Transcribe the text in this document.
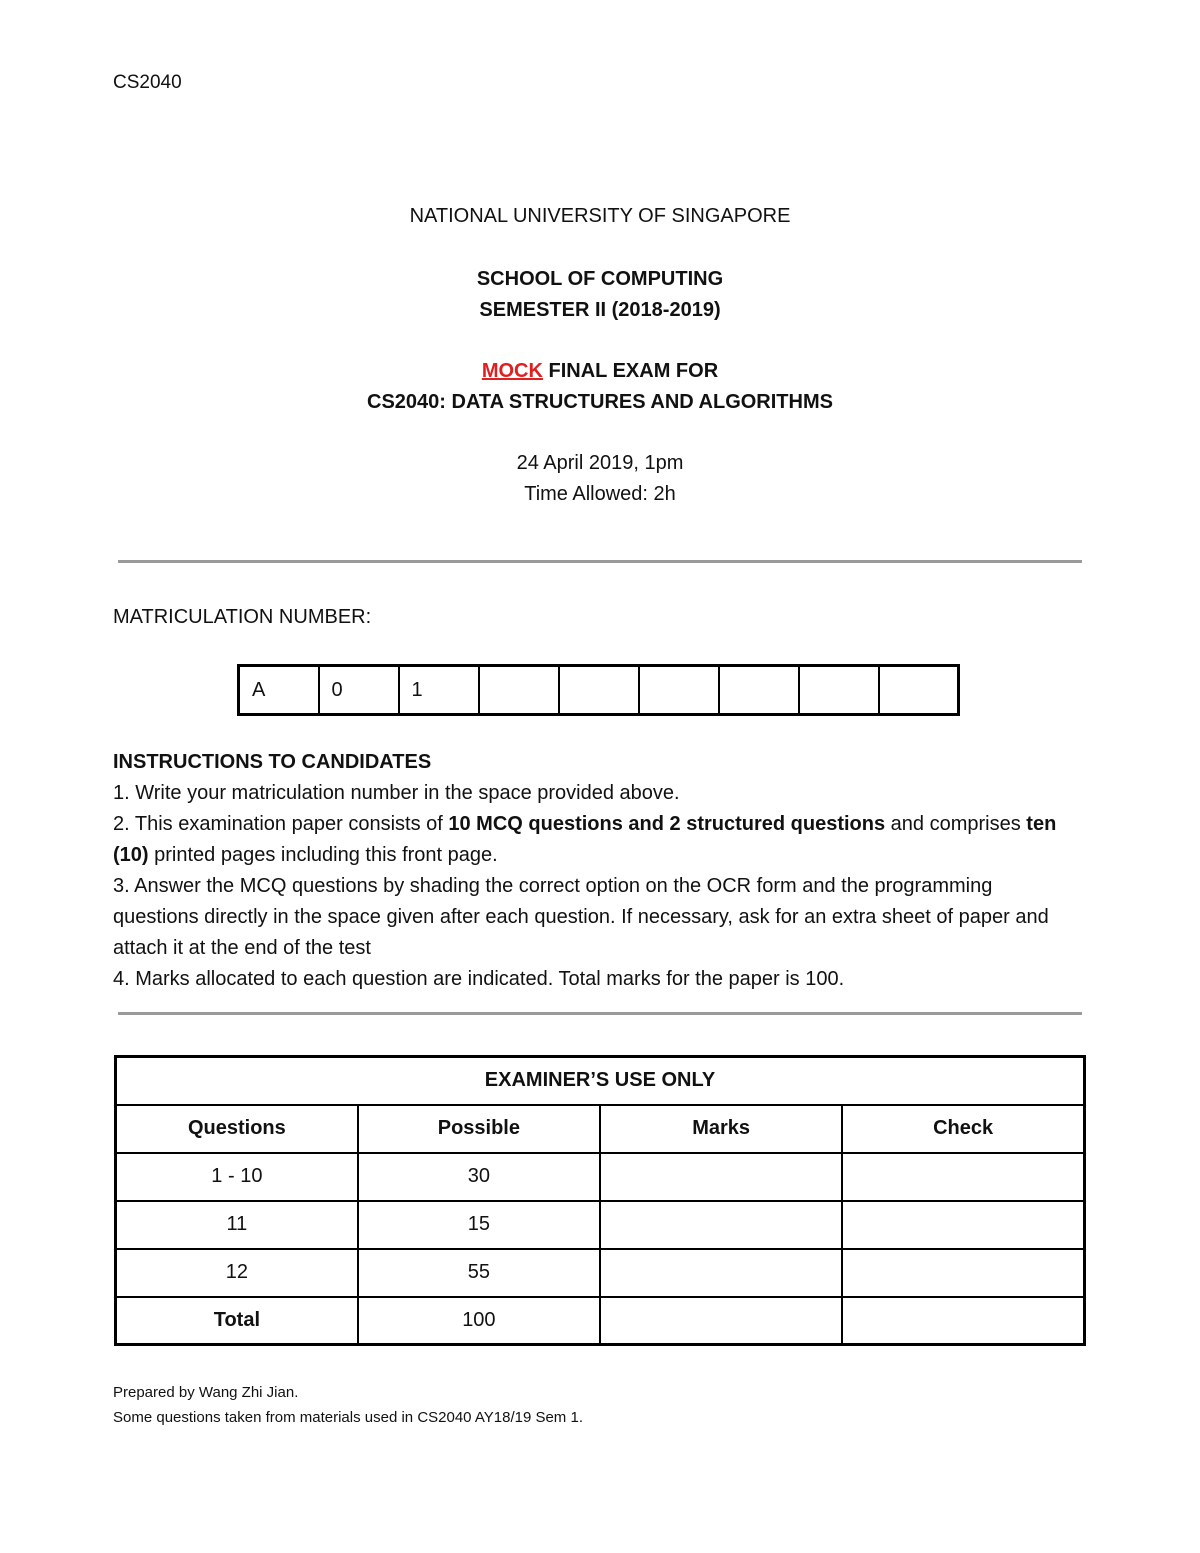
CS2040
NATIONAL UNIVERSITY OF SINGAPORE
SCHOOL OF COMPUTING
SEMESTER II (2018-2019)
MOCK FINAL EXAM FOR
CS2040: DATA STRUCTURES AND ALGORITHMS
24 April 2019, 1pm
Time Allowed: 2h
MATRICULATION NUMBER:
A	0	1						

INSTRUCTIONS TO CANDIDATES

1. Write your matriculation number in the space provided above.

2. This examination paper consists of 10 MCQ questions and 2 structured questions and comprises ten (10) printed pages including this front page.

3. Answer the MCQ questions by shading the correct option on the OCR form and the programming questions directly in the space given after each question. If necessary, ask for an extra sheet of paper and attach it at the end of the test

4. Marks allocated to each question are indicated. Total marks for the paper is 100.

EXAMINER’S USE ONLY			
Questions	Possible	Marks	Check
1 - 10	30		
11	15		
12	55		
Total	100		

Prepared by Wang Zhi Jian.

Some questions taken from materials used in CS2040 AY18/19 Sem 1.
